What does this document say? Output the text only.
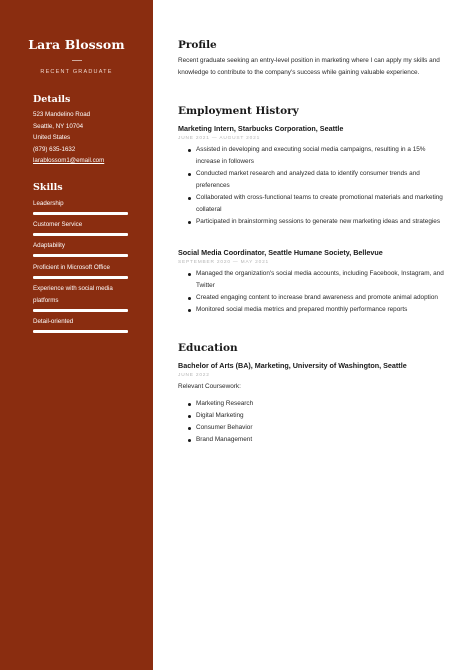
Lara Blossom
RECENT GRADUATE
Details
523 Mandelino Road
Seattle, NY 10704
United States
(879) 635-1632
larablossom1@email.com
Skills
Leadership
Customer Service
Adaptability
Proficient in Microsoft Office
Experience with social media platforms
Detail-oriented
Profile
Recent graduate seeking an entry-level position in marketing where I can apply my skills and knowledge to contribute to the company's success while gaining valuable experience.
Employment History
Marketing Intern, Starbucks Corporation, Seattle
JUNE 2021 — AUGUST 2021
Assisted in developing and executing social media campaigns, resulting in a 15% increase in followers
Conducted market research and analyzed data to identify consumer trends and preferences
Collaborated with cross-functional teams to create promotional materials and marketing collateral
Participated in brainstorming sessions to generate new marketing ideas and strategies
Social Media Coordinator, Seattle Humane Society, Bellevue
SEPTEMBER 2020 — MAY 2021
Managed the organization's social media accounts, including Facebook, Instagram, and Twitter
Created engaging content to increase brand awareness and promote animal adoption
Monitored social media metrics and prepared monthly performance reports
Education
Bachelor of Arts (BA), Marketing, University of Washington, Seattle
JUNE 2022
Relevant Coursework:
Marketing Research
Digital Marketing
Consumer Behavior
Brand Management
